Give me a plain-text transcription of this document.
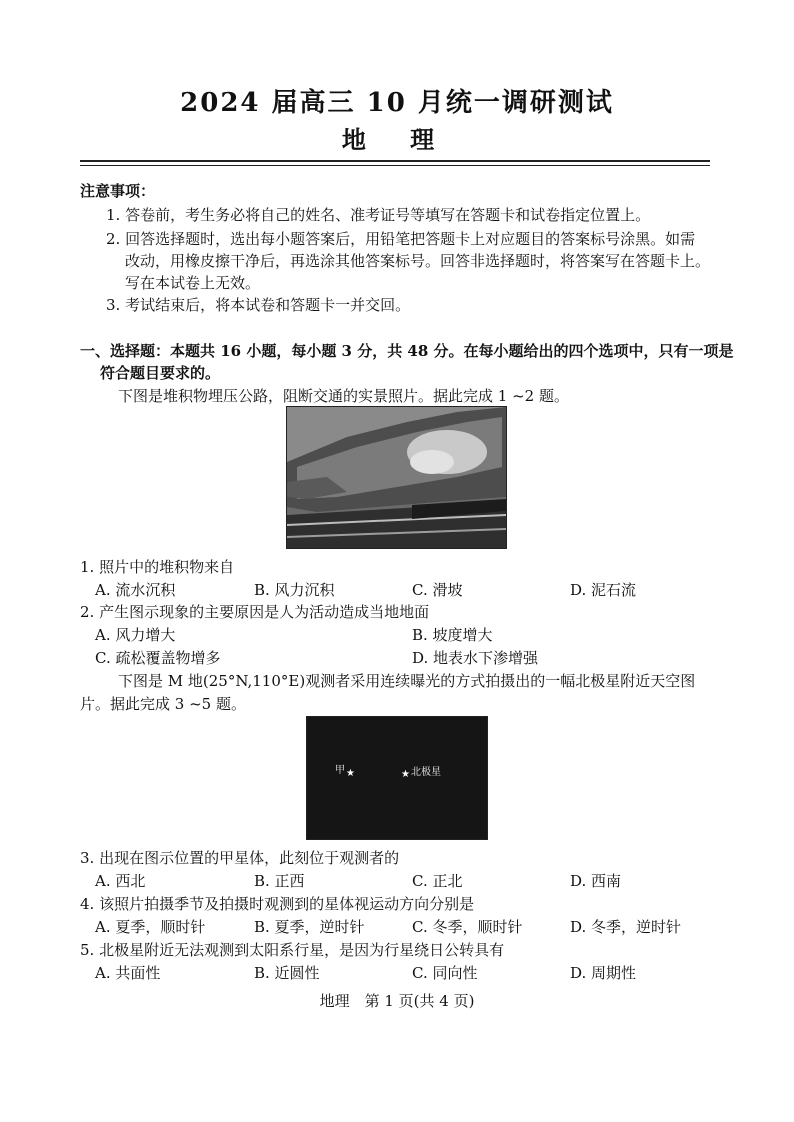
2024 届高三 10 月统一调研测试
地 理
注意事项：
1. 答卷前，考生务必将自己的姓名、准考证号等填写在答题卡和试卷指定位置上。
2. 回答选择题时，选出每小题答案后，用铅笔把答题卡上对应题目的答案标号涂黑。如需
改动，用橡皮擦干净后，再选涂其他答案标号。回答非选择题时，将答案写在答题卡上。
写在本试卷上无效。
3. 考试结束后，将本试卷和答题卡一并交回。
一、选择题：本题共 16 小题，每小题 3 分，共 48 分。在每小题给出的四个选项中，只有一项是
符合题目要求的。
下图是堆积物埋压公路，阻断交通的实景照片。据此完成 1 ~2 题。
1. 照片中的堆积物来自
A. 流水沉积	B. 风力沉积	C. 滑坡	D. 泥石流
2. 产生图示现象的主要原因是人为活动造成当地地面
A. 风力增大	B. 坡度增大
C. 疏松覆盖物增多	D. 地表水下渗增强
下图是 M 地(25°N,110°E)观测者采用连续曝光的方式拍摄出的一幅北极星附近天空图
片。据此完成 3 ~5 题。
甲 ★	★ 北极星
3. 出现在图示位置的甲星体，此刻位于观测者的
A. 西北	B. 正西	C. 正北	D. 西南
4. 该照片拍摄季节及拍摄时观测到的星体视运动方向分别是
A. 夏季，顺时针	B. 夏季，逆时针	C. 冬季，顺时针	D. 冬季，逆时针
5. 北极星附近无法观测到太阳系行星，是因为行星绕日公转具有
A. 共面性	B. 近圆性	C. 同向性	D. 周期性
地理　第 1 页(共 4 页)
